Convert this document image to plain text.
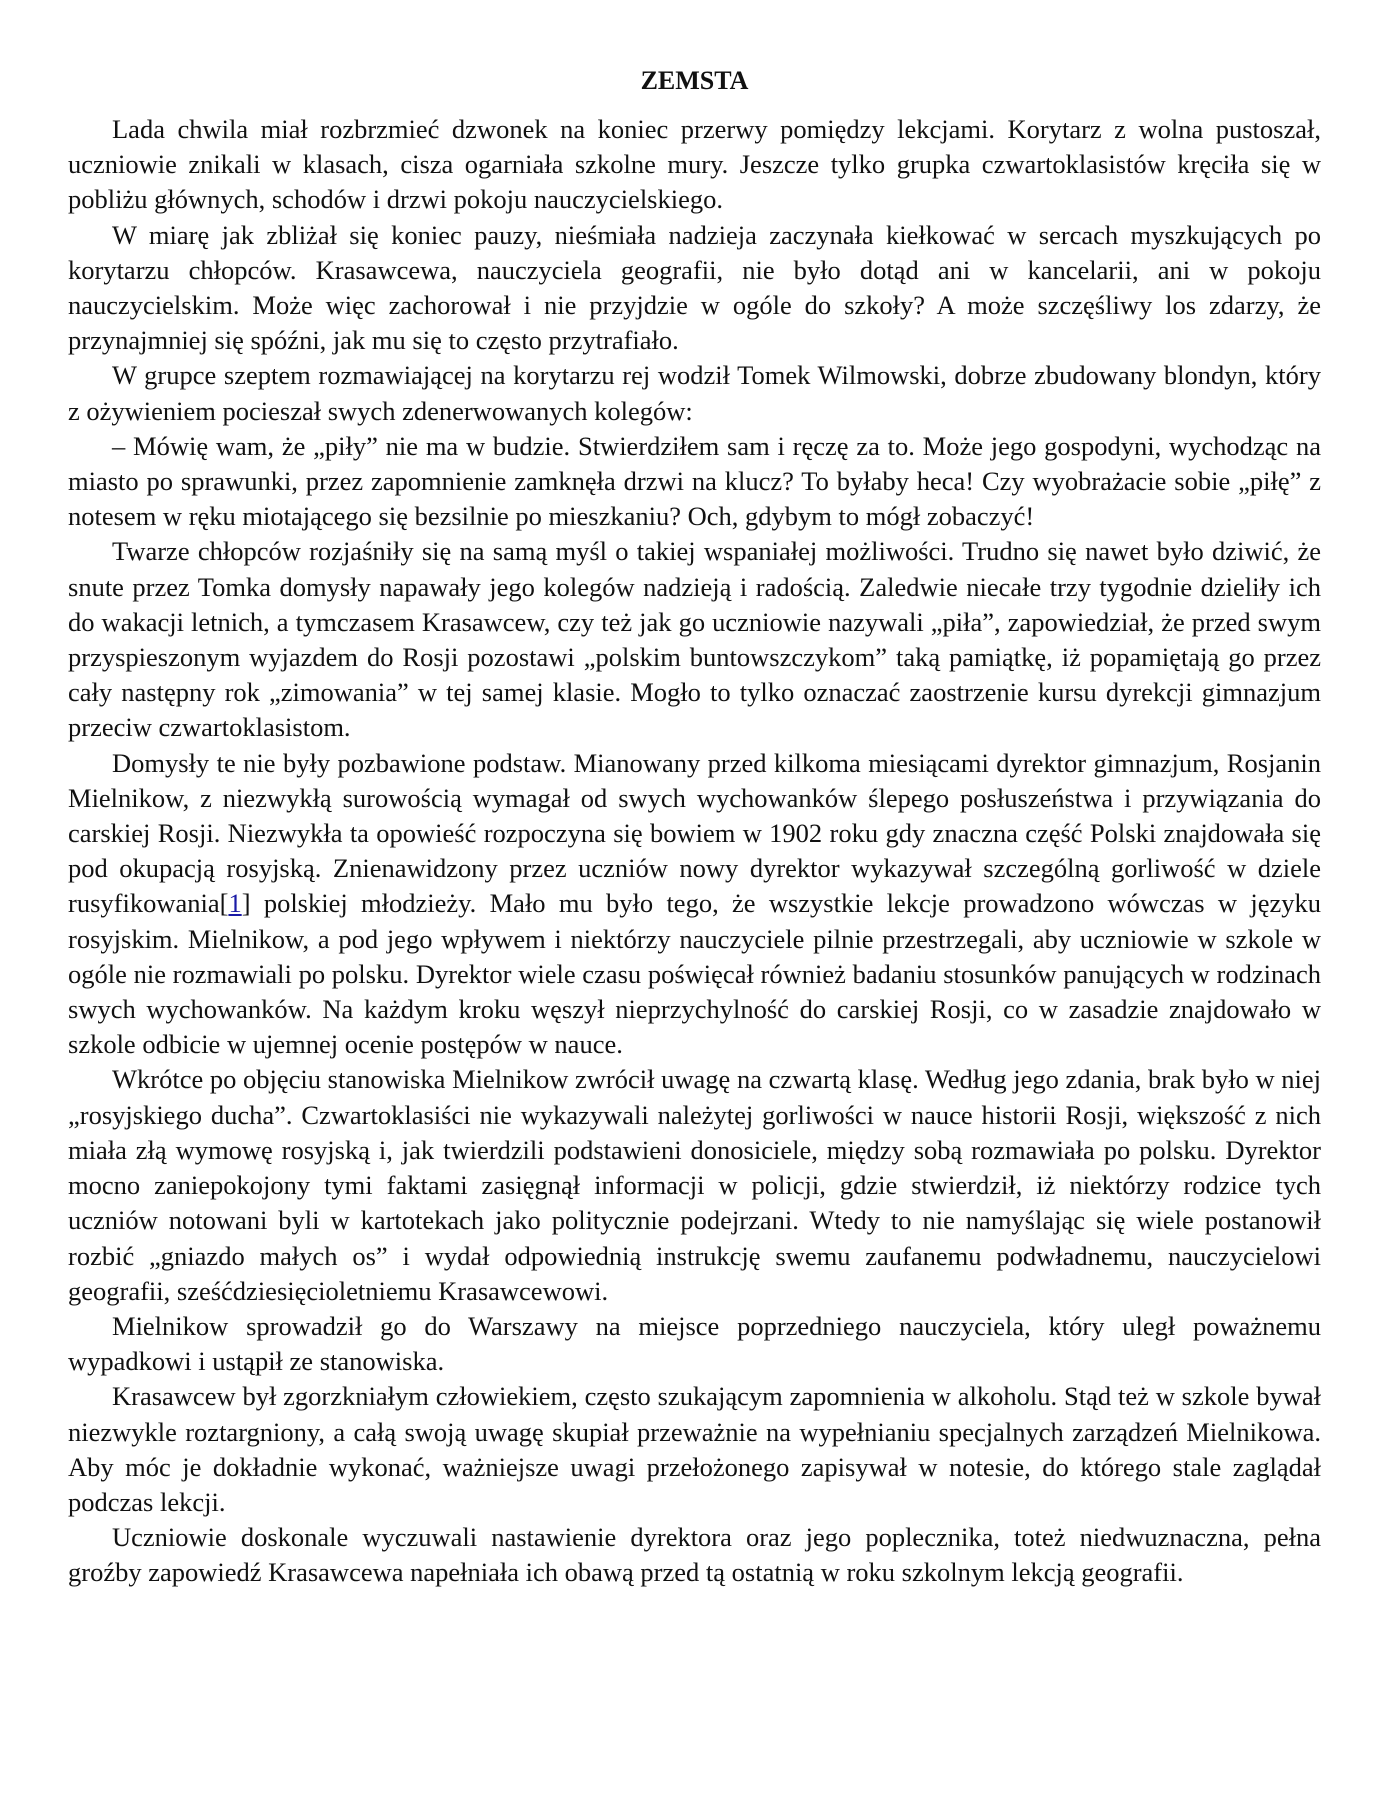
ZEMSTA

Lada chwila miał rozbrzmieć dzwonek na koniec przerwy pomiędzy lekcjami. Korytarz z wolna pustoszał, uczniowie znikali w klasach, cisza ogarniała szkolne mury. Jeszcze tylko grupka czwartoklasistów kręciła się w pobliżu głównych, schodów i drzwi pokoju nauczycielskiego.

W miarę jak zbliżał się koniec pauzy, nieśmiała nadzieja zaczynała kiełkować w sercach myszkujących po korytarzu chłopców. Krasawcewa, nauczyciela geografii, nie było dotąd ani w kancelarii, ani w pokoju nauczycielskim. Może więc zachorował i nie przyjdzie w ogóle do szkoły? A może szczęśliwy los zdarzy, że przynajmniej się spóźni, jak mu się to często przytrafiało.

W grupce szeptem rozmawiającej na korytarzu rej wodził Tomek Wilmowski, dobrze zbudowany blondyn, który z ożywieniem pocieszał swych zdenerwowanych kolegów:

– Mówię wam, że „piły” nie ma w budzie. Stwierdziłem sam i ręczę za to. Może jego gospodyni, wychodząc na miasto po sprawunki, przez zapomnienie zamknęła drzwi na klucz? To byłaby heca! Czy wyobrażacie sobie „piłę” z notesem w ręku miotającego się bezsilnie po mieszkaniu? Och, gdybym to mógł zobaczyć!

Twarze chłopców rozjaśniły się na samą myśl o takiej wspaniałej możliwości. Trudno się nawet było dziwić, że snute przez Tomka domysły napawały jego kolegów nadzieją i radością. Zaledwie niecałe trzy tygodnie dzieliły ich do wakacji letnich, a tymczasem Krasawcew, czy też jak go uczniowie nazywali „piła”, zapowiedział, że przed swym przyspieszonym wyjazdem do Rosji pozostawi „polskim buntowszczykom” taką pamiątkę, iż popamiętają go przez cały następny rok „zimowania” w tej samej klasie. Mogło to tylko oznaczać zaostrzenie kursu dyrekcji gimnazjum przeciw czwartoklasistom.

Domysły te nie były pozbawione podstaw. Mianowany przed kilkoma miesiącami dyrektor gimnazjum, Rosjanin Mielnikow, z niezwykłą surowością wymagał od swych wychowanków ślepego posłuszeństwa i przywiązania do carskiej Rosji. Niezwykła ta opowieść rozpoczyna się bowiem w 1902 roku gdy znaczna część Polski znajdowała się pod okupacją rosyjską. Znienawidzony przez uczniów nowy dyrektor wykazywał szczególną gorliwość w dziele rusyfikowania[1] polskiej młodzieży. Mało mu było tego, że wszystkie lekcje prowadzono wówczas w języku rosyjskim. Mielnikow, a pod jego wpływem i niektórzy nauczyciele pilnie przestrzegali, aby uczniowie w szkole w ogóle nie rozmawiali po polsku. Dyrektor wiele czasu poświęcał również badaniu stosunków panujących w rodzinach swych wychowanków. Na każdym kroku węszył nieprzychylność do carskiej Rosji, co w zasadzie znajdowało w szkole odbicie w ujemnej ocenie postępów w nauce.

Wkrótce po objęciu stanowiska Mielnikow zwrócił uwagę na czwartą klasę. Według jego zdania, brak było w niej „rosyjskiego ducha”. Czwartoklasiści nie wykazywali należytej gorliwości w nauce historii Rosji, większość z nich miała złą wymowę rosyjską i, jak twierdzili podstawieni donosiciele, między sobą rozmawiała po polsku. Dyrektor mocno zaniepokojony tymi faktami zasięgnął informacji w policji, gdzie stwierdził, iż niektórzy rodzice tych uczniów notowani byli w kartotekach jako politycznie podejrzani. Wtedy to nie namyślając się wiele postanowił rozbić „gniazdo małych os” i wydał odpowiednią instrukcję swemu zaufanemu podwładnemu, nauczycielowi geografii, sześćdziesięcioletniemu Krasawcewowi.

Mielnikow sprowadził go do Warszawy na miejsce poprzedniego nauczyciela, który uległ poważnemu wypadkowi i ustąpił ze stanowiska.

Krasawcew był zgorzkniałym człowiekiem, często szukającym zapomnienia w alkoholu. Stąd też w szkole bywał niezwykle roztargniony, a całą swoją uwagę skupiał przeważnie na wypełnianiu specjalnych zarządzeń Mielnikowa. Aby móc je dokładnie wykonać, ważniejsze uwagi przełożonego zapisywał w notesie, do którego stale zaglądał podczas lekcji.

Uczniowie doskonale wyczuwali nastawienie dyrektora oraz jego poplecznika, toteż niedwuznaczna, pełna groźby zapowiedź Krasawcewa napełniała ich obawą przed tą ostatnią w roku szkolnym lekcją geografii.
